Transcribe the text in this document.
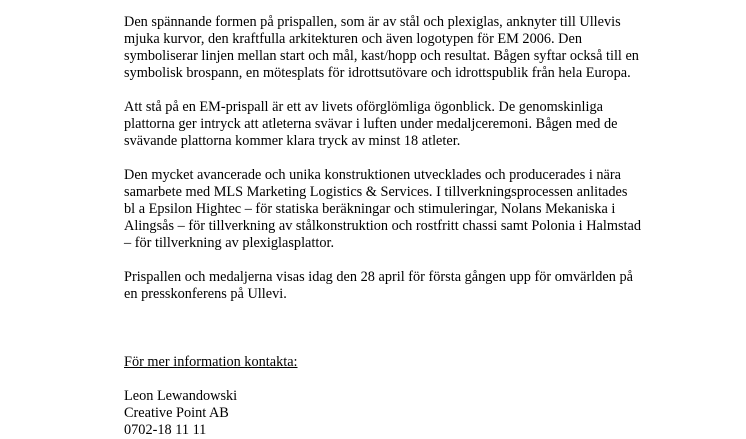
Den spännande formen på prispallen, som är av stål och plexiglas, anknyter till Ullevis
mjuka kurvor, den kraftfulla arkitekturen och även logotypen för EM 2006. Den
symboliserar linjen mellan start och mål, kast/hopp och resultat. Bågen syftar också till en
symbolisk brospann, en mötesplats för idrottsutövare och idrottspublik från hela Europa.
Att stå på en EM-prispall är ett av livets oförglömliga ögonblick. De genomskinliga
plattorna ger intryck att atleterna svävar i luften under medaljceremoni. Bågen med de
svävande plattorna kommer klara tryck av minst 18 atleter.
Den mycket avancerade och unika konstruktionen utvecklades och producerades i nära
samarbete med MLS Marketing Logistics & Services. I tillverkningsprocessen anlitades
bl a Epsilon Hightec – för statiska beräkningar och stimuleringar, Nolans Mekaniska i
Alingsås – för tillverkning av stålkonstruktion och rostfritt chassi samt Polonia i Halmstad
– för tillverkning av plexiglasplattor.
Prispallen och medaljerna visas idag den 28 april för första gången upp för omvärlden på
en presskonferens på Ullevi.
För mer information kontakta:
Leon Lewandowski
Creative Point AB
0702-18 11 11
